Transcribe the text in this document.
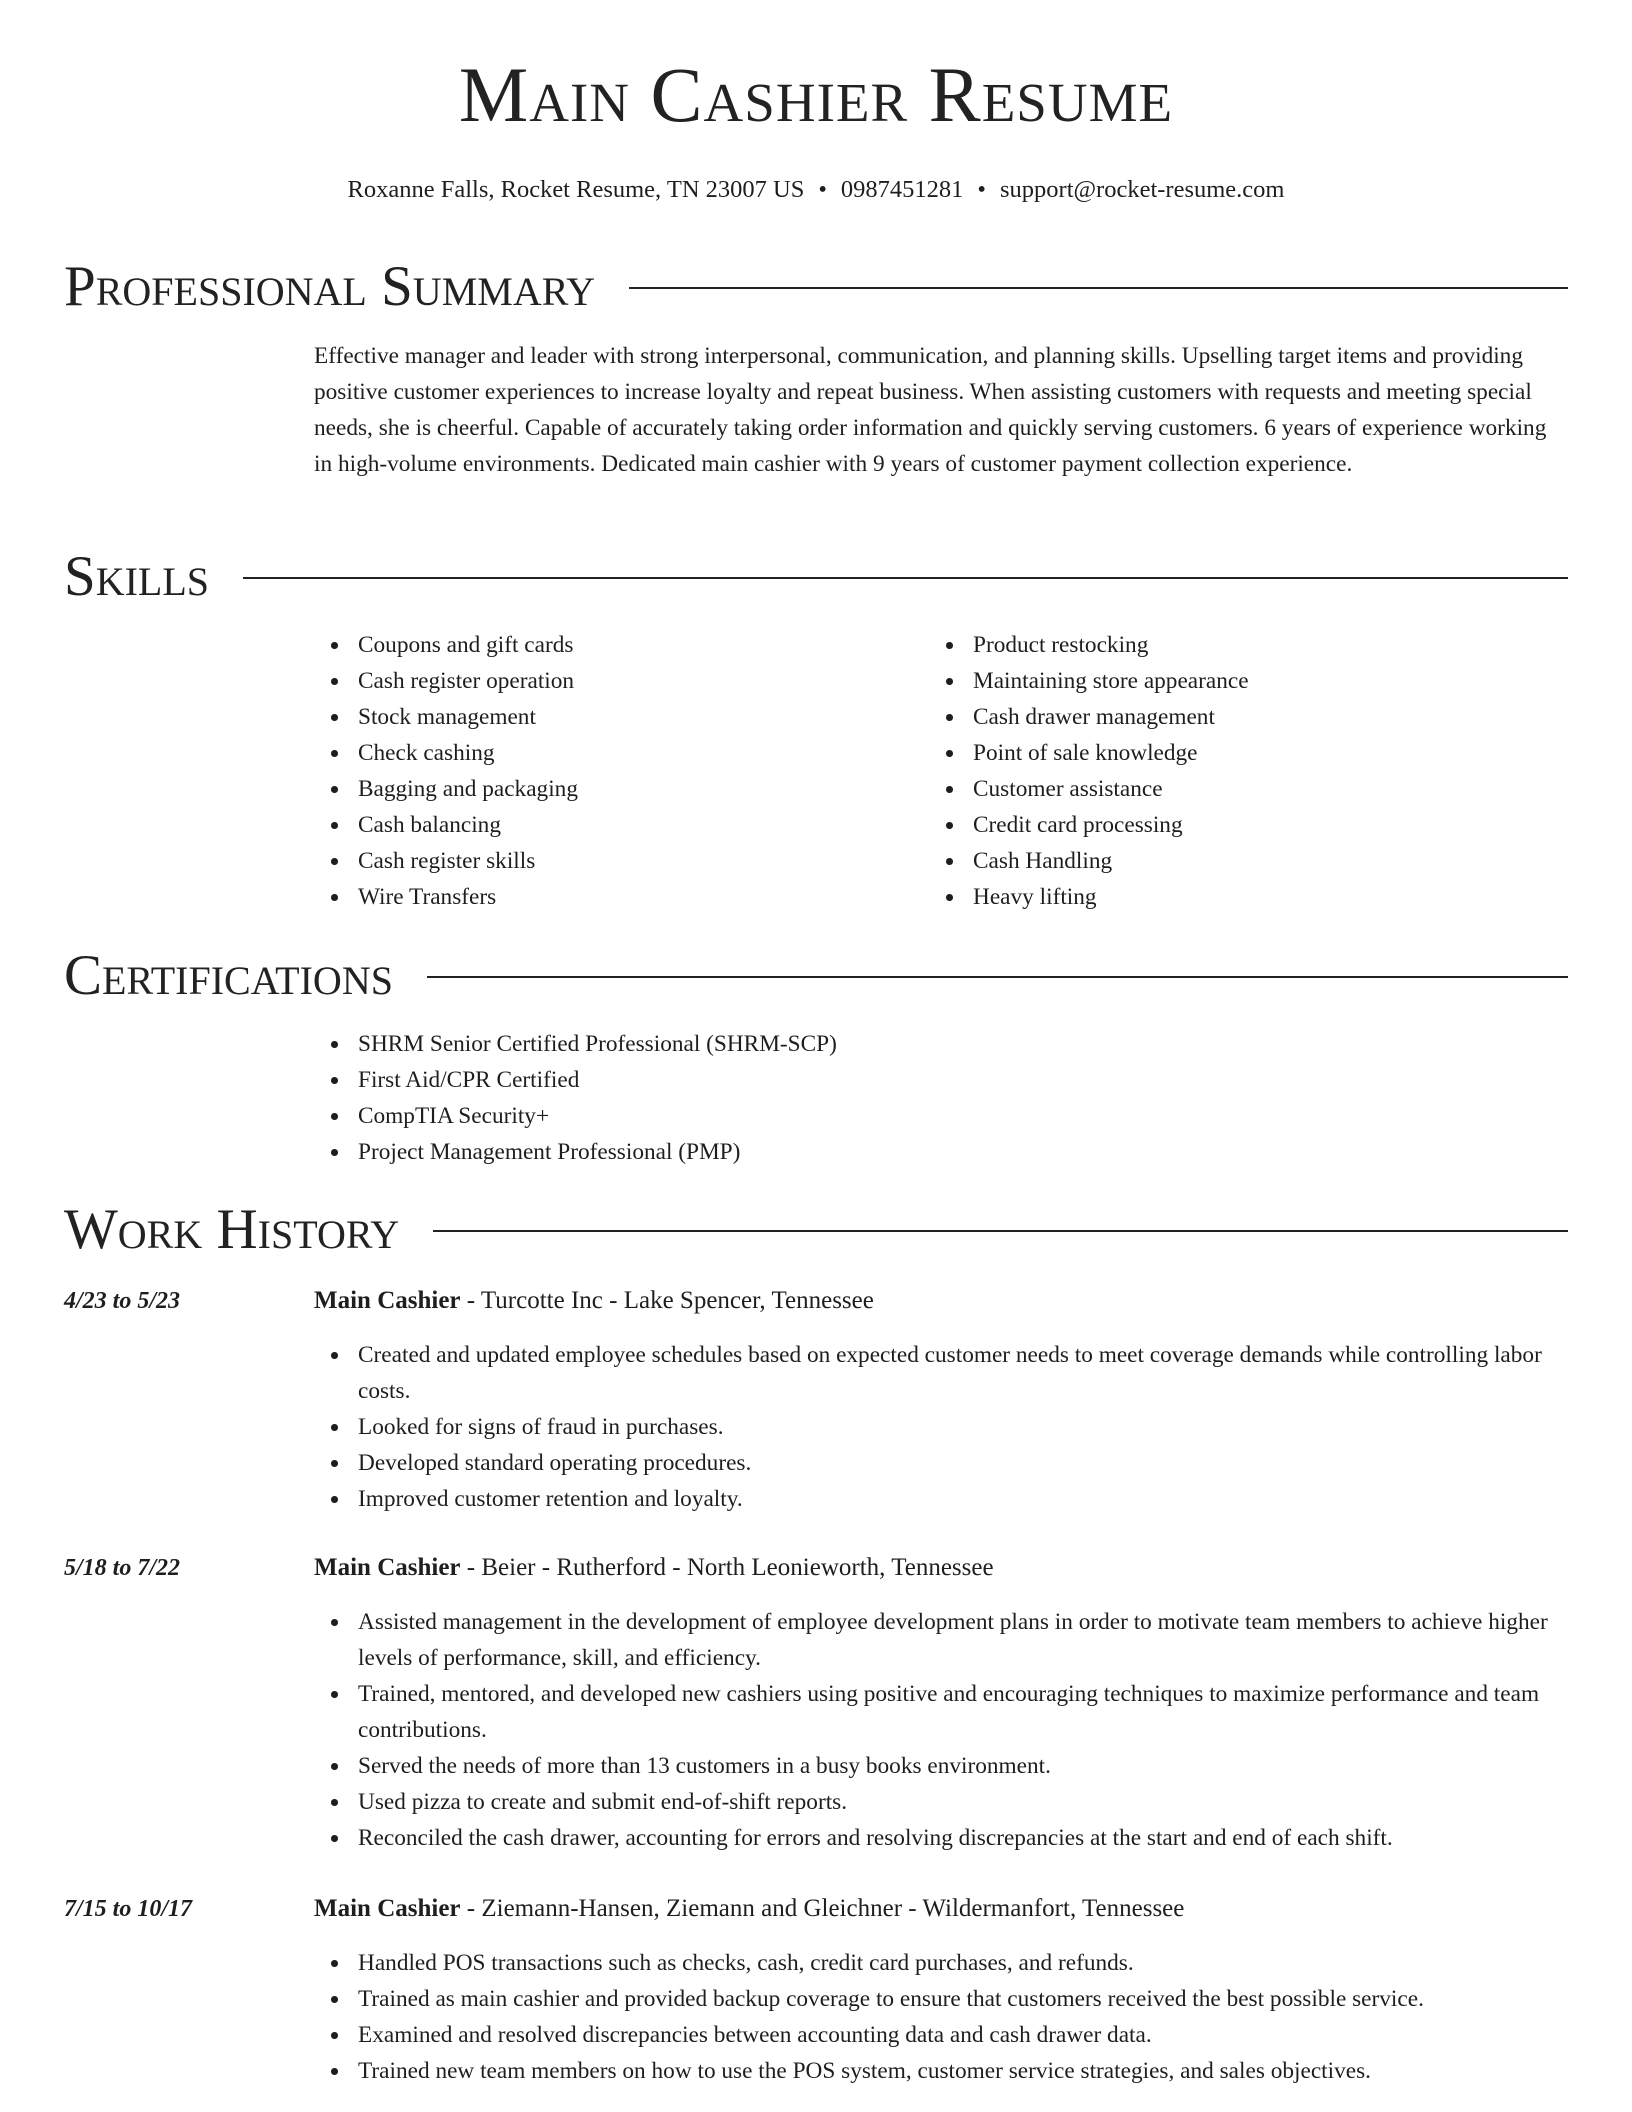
Main Cashier Resume
Roxanne Falls, Rocket Resume, TN 23007 US • 0987451281 • support@rocket-resume.com
Professional Summary

Effective manager and leader with strong interpersonal, communication, and planning skills. Upselling target items and providing positive customer experiences to increase loyalty and repeat business. When assisting customers with requests and meeting special needs, she is cheerful. Capable of accurately taking order information and quickly serving customers. 6 years of experience working in high-volume environments. Dedicated main cashier with 9 years of customer payment collection experience.

Skills
Coupons and gift cards
Cash register operation
Stock management
Check cashing
Bagging and packaging
Cash balancing
Cash register skills
Wire Transfers
Product restocking
Maintaining store appearance
Cash drawer management
Point of sale knowledge
Customer assistance
Credit card processing
Cash Handling
Heavy lifting
Certifications
SHRM Senior Certified Professional (SHRM-SCP)
First Aid/CPR Certified
CompTIA Security+
Project Management Professional (PMP)
Work History
4/23 to 5/23	Main Cashier - Turcotte Inc - Lake Spencer, Tennessee
Created and updated employee schedules based on expected customer needs to meet coverage demands while controlling labor costs.
Looked for signs of fraud in purchases.
Developed standard operating procedures.
Improved customer retention and loyalty.
5/18 to 7/22	Main Cashier - Beier - Rutherford - North Leonieworth, Tennessee
Assisted management in the development of employee development plans in order to motivate team members to achieve higher levels of performance, skill, and efficiency.
Trained, mentored, and developed new cashiers using positive and encouraging techniques to maximize performance and team contributions.
Served the needs of more than 13 customers in a busy books environment.
Used pizza to create and submit end-of-shift reports.
Reconciled the cash drawer, accounting for errors and resolving discrepancies at the start and end of each shift.
7/15 to 10/17	Main Cashier - Ziemann-Hansen, Ziemann and Gleichner - Wildermanfort, Tennessee
Handled POS transactions such as checks, cash, credit card purchases, and refunds.
Trained as main cashier and provided backup coverage to ensure that customers received the best possible service.
Examined and resolved discrepancies between accounting data and cash drawer data.
Trained new team members on how to use the POS system, customer service strategies, and sales objectives.
